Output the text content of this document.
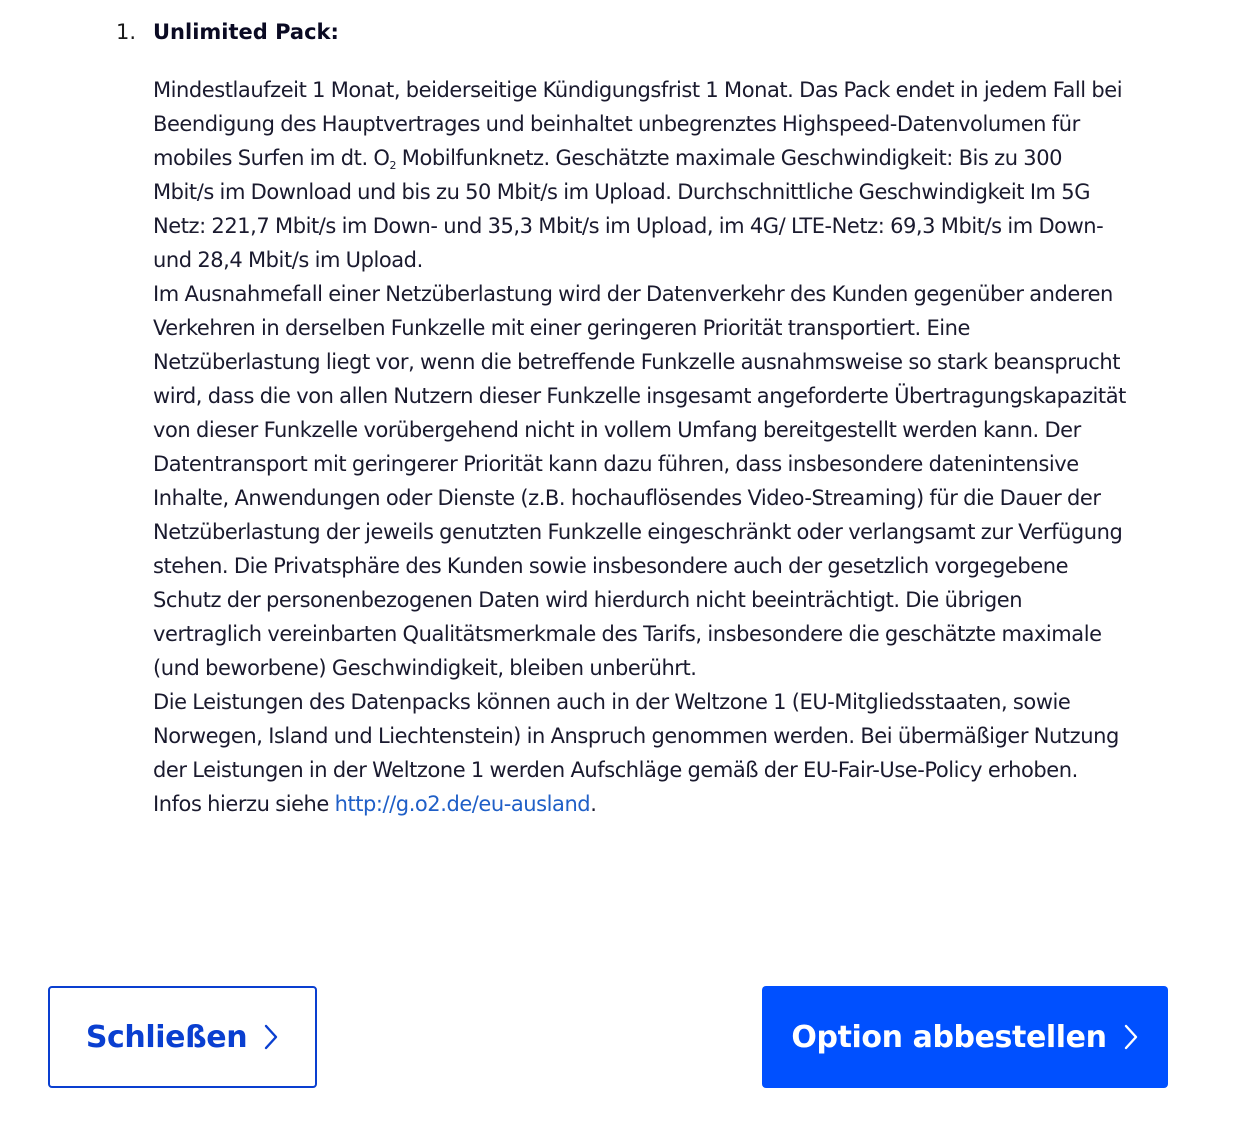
1. Unlimited Pack:

Mindestlaufzeit 1 Monat, beiderseitige Kündigungsfrist 1 Monat. Das Pack endet in jedem Fall bei Beendigung des Hauptvertrages und beinhaltet unbegrenztes Highspeed-Datenvolumen für mobiles Surfen im dt. O2 Mobilfunknetz. Geschätzte maximale Geschwindigkeit: Bis zu 300 Mbit/s im Download und bis zu 50 Mbit/s im Upload. Durchschnittliche Geschwindigkeit Im 5G Netz: 221,7 Mbit/s im Down- und 35,3 Mbit/s im Upload, im 4G/ LTE-Netz: 69,3 Mbit/s im Down- und 28,4 Mbit/s im Upload.

Im Ausnahmefall einer Netzüberlastung wird der Datenverkehr des Kunden gegenüber anderen Verkehren in derselben Funkzelle mit einer geringeren Priorität transportiert. Eine Netzüberlastung liegt vor, wenn die betreffende Funkzelle ausnahmsweise so stark beansprucht wird, dass die von allen Nutzern dieser Funkzelle insgesamt angeforderte Übertragungskapazität von dieser Funkzelle vorübergehend nicht in vollem Umfang bereitgestellt werden kann. Der Datentransport mit geringerer Priorität kann dazu führen, dass insbesondere datenintensive Inhalte, Anwendungen oder Dienste (z.B. hochauflösendes Video-Streaming) für die Dauer der Netzüberlastung der jeweils genutzten Funkzelle eingeschränkt oder verlangsamt zur Verfügung stehen. Die Privatsphäre des Kunden sowie insbesondere auch der gesetzlich vorgegebene Schutz der personenbezogenen Daten wird hierdurch nicht beeinträchtigt. Die übrigen vertraglich vereinbarten Qualitätsmerkmale des Tarifs, insbesondere die geschätzte maximale (und beworbene) Geschwindigkeit, bleiben unberührt.

Die Leistungen des Datenpacks können auch in der Weltzone 1 (EU-Mitgliedsstaaten, sowie Norwegen, Island und Liechtenstein) in Anspruch genommen werden. Bei übermäßiger Nutzung der Leistungen in der Weltzone 1 werden Aufschläge gemäß der EU-Fair-Use-Policy erhoben. Infos hierzu siehe http://g.o2.de/eu-ausland.

Schließen	Option abbestellen
